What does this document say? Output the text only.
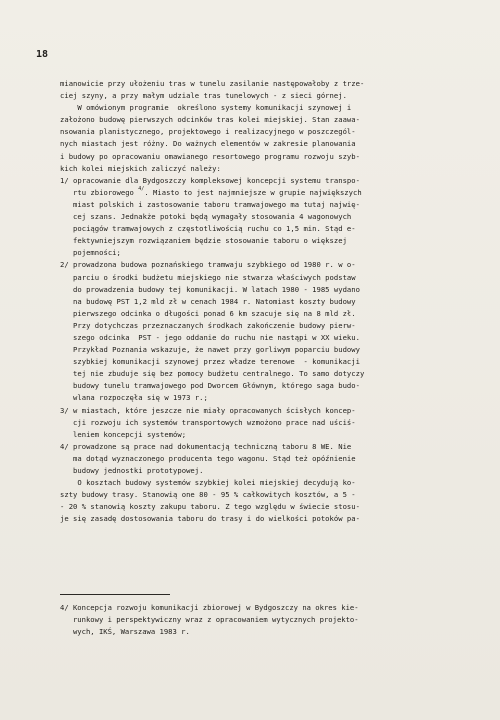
18
mianowicie przy ułożeniu tras w tunelu zasilanie następowałoby z trze-
ciej szyny, a przy małym udziale tras tunelowych - z sieci górnej.
W omówionym programie  określono systemy komunikacji szynowej i
założono budowę pierwszych odcinków tras kolei miejskiej. Stan zaawa-
nsowania planistycznego, projektowego i realizacyjnego w poszczegól-
nych miastach jest różny. Do ważnych elementów w zakresie planowania
i budowy po opracowaniu omawianego resortowego programu rozwoju szyb-
kich kolei miejskich zaliczyć należy:
1/ opracowanie dla Bydgoszczy kompleksowej koncepcji systemu transpo-
rtu zbiorowego $^{4/}$. Miasto to jest najmniejsze w grupie największych
miast polskich i zastosowanie taboru tramwajowego ma tutaj najwię-
cej szans. Jednakże potoki będą wymagały stosowania 4 wagonowych
pociągów tramwajowych z częstotliwością ruchu co 1,5 min. Stąd e-
fektywniejszym rozwiązaniem będzie stosowanie taboru o większej
pojemności;
2/ prowadzona budowa poznańskiego tramwaju szybkiego od 1980 r. w o-
parciu o środki budżetu miejskiego nie stwarza właściwych podstaw
do prowadzenia budowy tej komunikacji. W latach 1980 - 1985 wydano
na budowę PST 1,2 mld zł w cenach 1984 r. Natomiast koszty budowy
pierwszego odcinka o długości ponad 6 km szacuje się na 8 mld zł.
Przy dotychczas przeznaczanych środkach zakończenie budowy pierw-
szego odcinka  PST - jego oddanie do ruchu nie nastąpi w XX wieku.
Przykład Poznania wskazuje, że nawet przy gorliwym poparciu budowy
szybkiej komunikacji szynowej przez władze terenowe  - komunikacji
tej nie zbuduje się bez pomocy budżetu centralnego. To samo dotyczy
budowy tunelu tramwajowego pod Dworcem Głównym, którego saga budo-
wlana rozpoczęła się w 1973 r.;
3/ w miastach, które jeszcze nie miały opracowanych ścisłych koncep-
cji rozwoju ich systemów transportowych wzmożono prace nad uściś-
leniem koncepcji systemów;
4/ prowadzone są prace nad dokumentacją techniczną taboru 8 WE. Nie
ma dotąd wyznaczonego producenta tego wagonu. Stąd też opóźnienie
budowy jednostki prototypowej.
O kosztach budowy systemów szybkiej kolei miejskiej decydują ko-
szty budowy trasy. Stanowią one 80 - 95 % całkowitych kosztów, a 5 -
- 20 % stanowią koszty zakupu taboru. Z tego względu w świecie stosu-
je się zasadę dostosowania taboru do trasy i do wielkości potoków pa-
4/ Koncepcja rozwoju komunikacji zbiorowej w Bydgoszczy na okres kie-
runkowy i perspektywiczny wraz z opracowaniem wytycznych projekto-
wych, IKŚ, Warszawa 1983 r.
